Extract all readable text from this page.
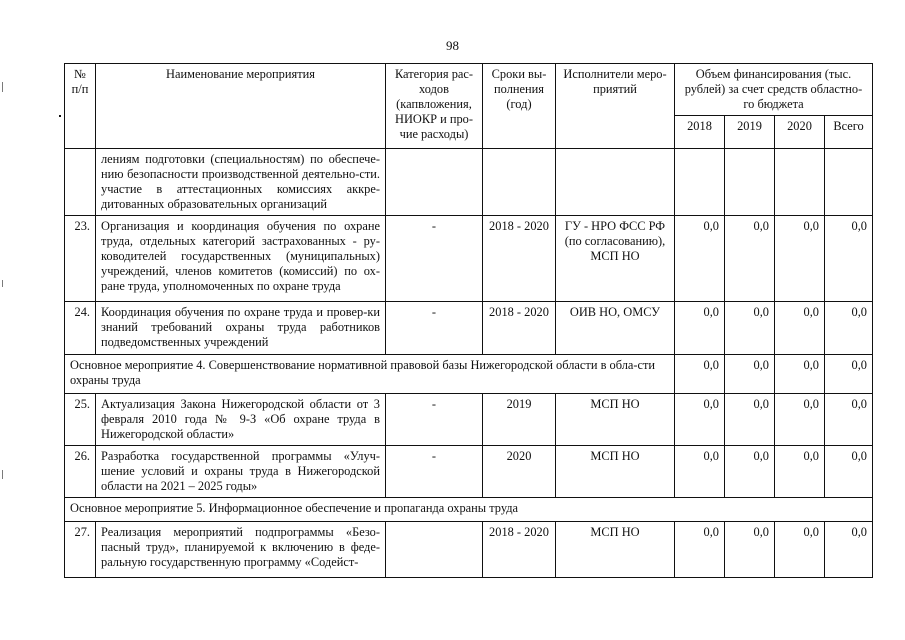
98
№ п/п	Наименование мероприятия	Категория рас-ходов (капвложения, НИОКР и про-чие расходы)	Сроки вы-полнения (год)	Исполнители меро-приятий	Объем финансирования (тыс. рублей) за счет средств областно-го бюджета			
					2018	2019	2020	Всего
	лениям подготовки (специальностям) по обеспече-нию безопасности производственной деятельно-сти. участие в аттестационных комиссиях аккре-дитованных образовательных организаций							
23.	Организация и координация обучения по охране труда, отдельных категорий застрахованных - ру-ководителей государственных (муниципальных) учреждений, членов комитетов (комиссий) по ох-ране труда, уполномоченных по охране труда	-	2018 - 2020	ГУ - НРО ФСС РФ (по согласованию), МСП НО	0,0	0,0	0,0	0,0
24.	Координация обучения по охране труда и провер-ки знаний требований охраны труда работников подведомственных учреждений	-	2018 - 2020	ОИВ НО, ОМСУ	0,0	0,0	0,0	0,0
Основное мероприятие 4. Совершенствование нормативной правовой базы Нижегородской области в обла-сти охраны труда					0,0	0,0	0,0	0,0
25.	Актуализация Закона Нижегородской области от 3 февраля 2010 года № 9-З «Об охране труда в Нижегородской области»	-	2019	МСП НО	0,0	0,0	0,0	0,0
26.	Разработка государственной программы «Улуч-шение условий и охраны труда в Нижегородской области на 2021 – 2025 годы»	-	2020	МСП НО	0,0	0,0	0,0	0,0
Основное мероприятие 5. Информационное обеспечение и пропаганда охраны труда								
27.	Реализация мероприятий подпрограммы «Безо-пасный труд», планируемой к включению в феде-ральную государственную программу «Содейст-		2018 - 2020	МСП НО	0,0	0,0	0,0	0,0
